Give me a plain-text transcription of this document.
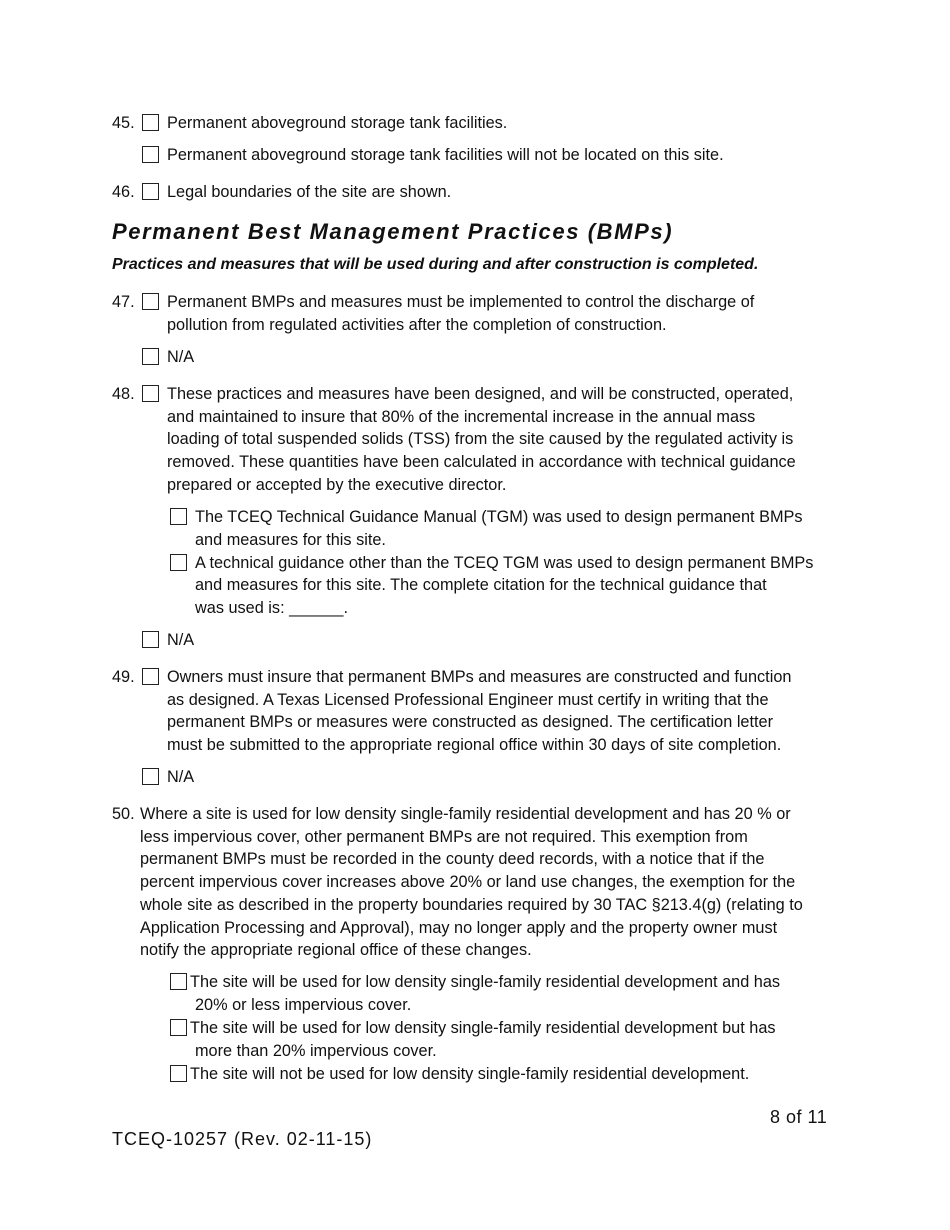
45. Permanent aboveground storage tank facilities.
Permanent aboveground storage tank facilities will not be located on this site.
46. Legal boundaries of the site are shown.
Permanent Best Management Practices (BMPs)
Practices and measures that will be used during and after construction is completed.
47. Permanent BMPs and measures must be implemented to control the discharge of
pollution from regulated activities after the completion of construction.
N/A
48. These practices and measures have been designed, and will be constructed, operated,
and maintained to insure that 80% of the incremental increase in the annual mass
loading of total suspended solids (TSS) from the site caused by the regulated activity is
removed. These quantities have been calculated in accordance with technical guidance
prepared or accepted by the executive director.
The TCEQ Technical Guidance Manual (TGM) was used to design permanent BMPs
and measures for this site.
A technical guidance other than the TCEQ TGM was used to design permanent BMPs
and measures for this site. The complete citation for the technical guidance that
was used is: ______.
N/A
49. Owners must insure that permanent BMPs and measures are constructed and function
as designed. A Texas Licensed Professional Engineer must certify in writing that the
permanent BMPs or measures were constructed as designed. The certification letter
must be submitted to the appropriate regional office within 30 days of site completion.
N/A
50. Where a site is used for low density single-family residential development and has 20 % or
less impervious cover, other permanent BMPs are not required. This exemption from
permanent BMPs must be recorded in the county deed records, with a notice that if the
percent impervious cover increases above 20% or land use changes, the exemption for the
whole site as described in the property boundaries required by 30 TAC §213.4(g) (relating to
Application Processing and Approval), may no longer apply and the property owner must
notify the appropriate regional office of these changes.
The site will be used for low density single-family residential development and has
20% or less impervious cover.
The site will be used for low density single-family residential development but has
more than 20% impervious cover.
The site will not be used for low density single-family residential development.
8 of 11
TCEQ-10257 (Rev. 02-11-15)
